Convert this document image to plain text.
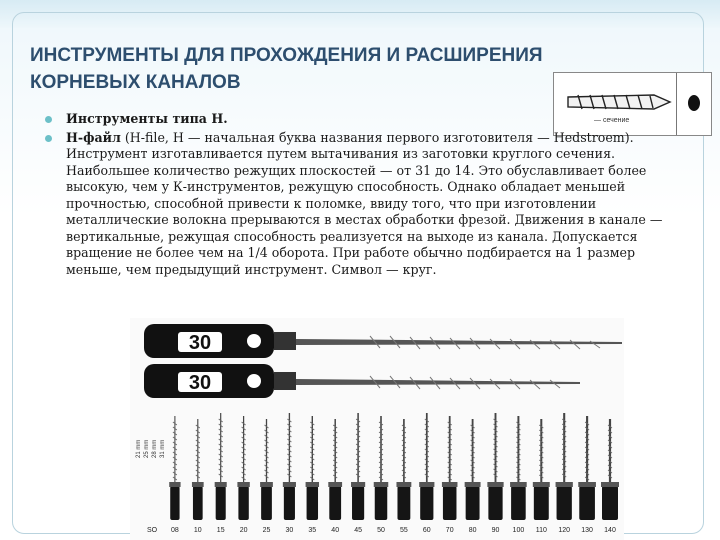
ИНСТРУМЕНТЫ ДЛЯ ПРОХОЖДЕНИЯ И РАСШИРЕНИЯ
КОРНЕВЫХ КАНАЛОВ
— сечение
Инструменты типа Н.
Н-файл (H-file, Н — начальная буква названия первого изготовителя — Hedstroem). Инструмент изготавливается путем вытачивания из заготовки круглого сечения. Наибольшее количество режущих плоскостей — от 31 до 14. Это обуславливает более высокую, чем у К-инструментов, режущую способность. Однако обладает меньшей прочностью, способной привести к поломке, ввиду того, что при изготовлении металлические волокна прерываются в местах обработки фрезой. Движения в канале — вертикальные, режущая способность реализуется на выходе из канала. Допускается вращение не более чем на 1/4 оборота. При работе обычно подбирается на 1 размер меньше, чем предыдущий инструмент. Символ — круг.
30
30
21 mm 25 mm 28 mm 31 mm
SO 08 10 15 20 25 30 35 40 45 50 55 60 70 80 90 100 110 120 130 140
